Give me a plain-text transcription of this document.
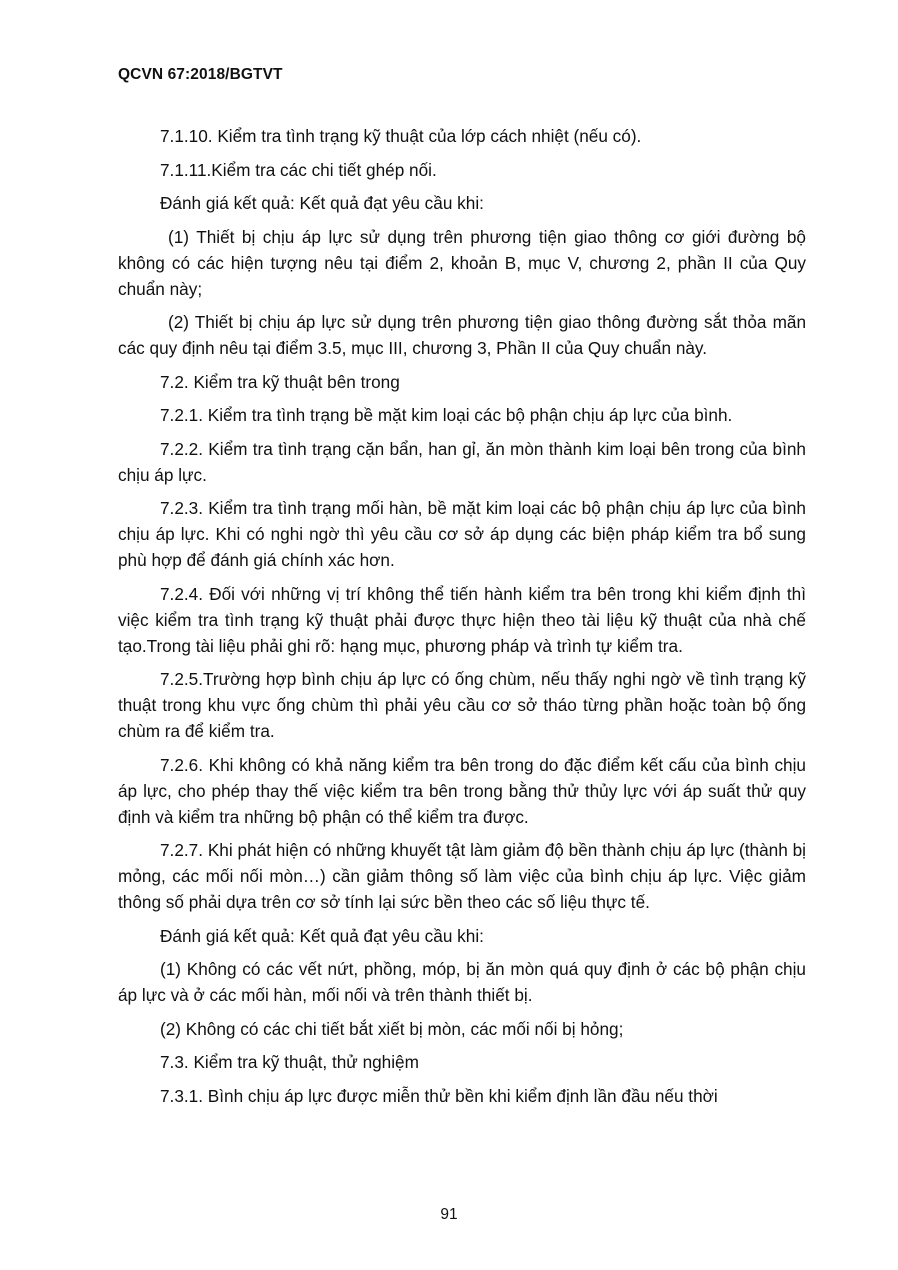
QCVN 67:2018/BGTVT

7.1.10. Kiểm tra tình trạng kỹ thuật của lớp cách nhiệt (nếu có).

7.1.11.Kiểm tra các chi tiết ghép nối.

Đánh giá kết quả: Kết quả đạt yêu cầu khi:

(1) Thiết bị chịu áp lực sử dụng trên phương tiện giao thông cơ giới đường bộ không có các hiện tượng nêu tại điểm 2, khoản B, mục V, chương 2, phần II của Quy chuẩn này;

(2) Thiết bị chịu áp lực sử dụng trên phương tiện giao thông đường sắt thỏa mãn các quy định nêu tại điểm 3.5, mục III, chương 3, Phần II của Quy chuẩn này.

7.2. Kiểm tra kỹ thuật bên trong

7.2.1. Kiểm tra tình trạng bề mặt kim loại các bộ phận chịu áp lực của bình.

7.2.2. Kiểm tra tình trạng cặn bẩn, han gỉ, ăn mòn thành kim loại bên trong của bình chịu áp lực.

7.2.3. Kiểm tra tình trạng mối hàn, bề mặt kim loại các bộ phận chịu áp lực của bình chịu áp lực. Khi có nghi ngờ thì yêu cầu cơ sở áp dụng các biện pháp kiểm tra bổ sung phù hợp để đánh giá chính xác hơn.

7.2.4. Đối với những vị trí không thể tiến hành kiểm tra bên trong khi kiểm định thì việc kiểm tra tình trạng kỹ thuật phải được thực hiện theo tài liệu kỹ thuật của nhà chế tạo.Trong tài liệu phải ghi rõ: hạng mục, phương pháp và trình tự kiểm tra.

7.2.5.Trường hợp bình chịu áp lực có ống chùm, nếu thấy nghi ngờ về tình trạng kỹ thuật trong khu vực ống chùm thì phải yêu cầu cơ sở tháo từng phần hoặc toàn bộ ống chùm ra để kiểm tra.

7.2.6. Khi không có khả năng kiểm tra bên trong do đặc điểm kết cấu của bình chịu áp lực, cho phép thay thế việc kiểm tra bên trong bằng thử thủy lực với áp suất thử quy định và kiểm tra những bộ phận có thể kiểm tra được.

7.2.7. Khi phát hiện có những khuyết tật làm giảm độ bền thành chịu áp lực (thành bị mỏng, các mối nối mòn…) cần giảm thông số làm việc của bình chịu áp lực. Việc giảm thông số phải dựa trên cơ sở tính lại sức bền theo các số liệu thực tế.

Đánh giá kết quả: Kết quả đạt yêu cầu khi:

(1) Không có các vết nứt, phồng, móp, bị ăn mòn quá quy định ở các bộ phận chịu áp lực và ở các mối hàn, mối nối và trên thành thiết bị.

(2) Không có các chi tiết bắt xiết bị mòn, các mối nối bị hỏng;

7.3. Kiểm tra kỹ thuật, thử nghiệm

7.3.1. Bình chịu áp lực được miễn thử bền khi kiểm định lần đầu nếu thời

91
